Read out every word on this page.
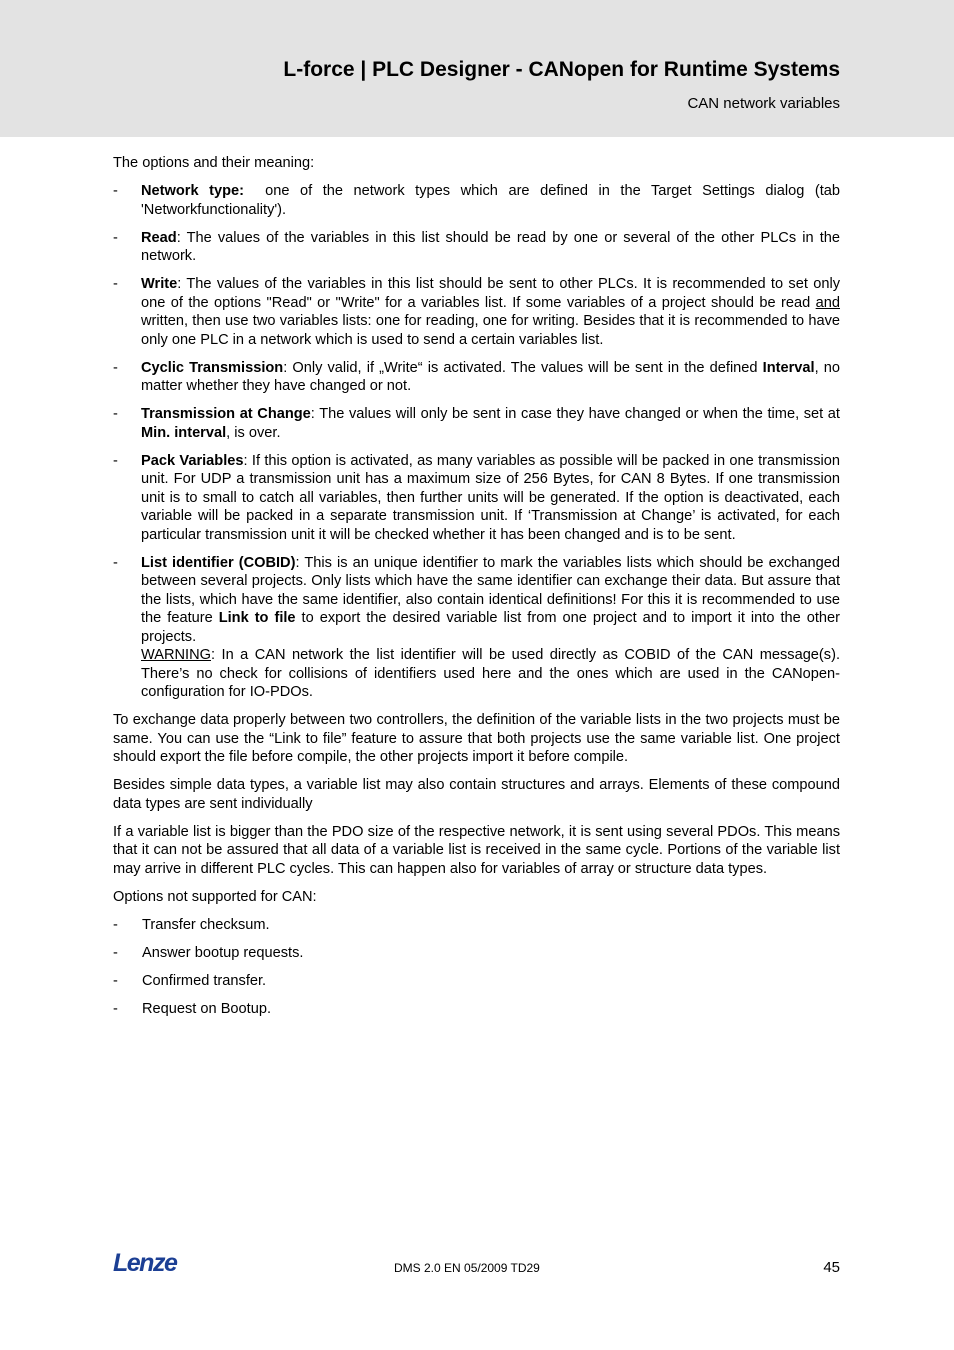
L-force | PLC Designer - CANopen for Runtime Systems
CAN network variables

The options and their meaning:

- Network type:  one of the network types which are defined in the Target Settings dialog (tab 'Networkfunctionality').
- Read: The values of the variables in this list should be read by one or several of the other PLCs in the network.
- Write: The values of the variables in this list should be sent to other PLCs. It is recommended to set only one of the options "Read" or "Write" for a variables list. If some variables of a project should be read and written, then use two variables lists: one for reading, one for writing. Besides that it is recommended to have only one PLC in a network which is used to send a certain variables list.
- Cyclic Transmission: Only valid, if „Write“ is activated. The values will be sent in the defined Interval, no matter whether they have changed or not.
- Transmission at Change: The values will only be sent in case they have changed or when the time, set at  Min. interval, is over.
- Pack Variables: If this option is activated, as many variables as possible will be packed in one transmission unit. For UDP a transmission unit has a maximum size of 256 Bytes, for CAN 8 Bytes. If one transmission unit is to small to catch all variables, then further units will be generated. If the option is deactivated, each variable will be packed in a separate transmission unit. If ‘Transmission at Change’ is activated, for each particular transmission unit it will be checked whether it has been changed and is to be sent.
- List identifier (COBID): This is an unique identifier to mark the variables lists which should be exchanged between several projects. Only lists which have the same identifier can exchange their data. But assure that the lists, which have the same identifier, also contain identical definitions! For this it is recommended to use the feature Link to file to export the desired variable list from one project and to import it into the other projects.
WARNING: In a CAN network the list identifier will be used directly as COBID of the CAN message(s). There’s no check for collisions of identifiers used here and the ones which are used in the CANopen-configuration for IO-PDOs.

To exchange data properly between two controllers, the definition of the variable lists in the two projects must be same. You can use the “Link to file” feature to assure that both projects use the same variable list. One project should export the file before compile, the other projects import it before compile.

Besides simple data types, a variable list may also contain structures and arrays. Elements of these compound data types are sent individually

If a variable list is bigger than the PDO size of the respective network, it is sent using several PDOs. This means that it can not be assured that all data of a variable list is received in the same cycle. Portions of the variable list may arrive in different PLC cycles. This can happen also for variables of array or structure data types.

Options not supported for CAN:

- Transfer checksum.
- Answer bootup requests.
- Confirmed transfer.
- Request on Bootup.
Lenze	DMS 2.0 EN 05/2009 TD29	45
